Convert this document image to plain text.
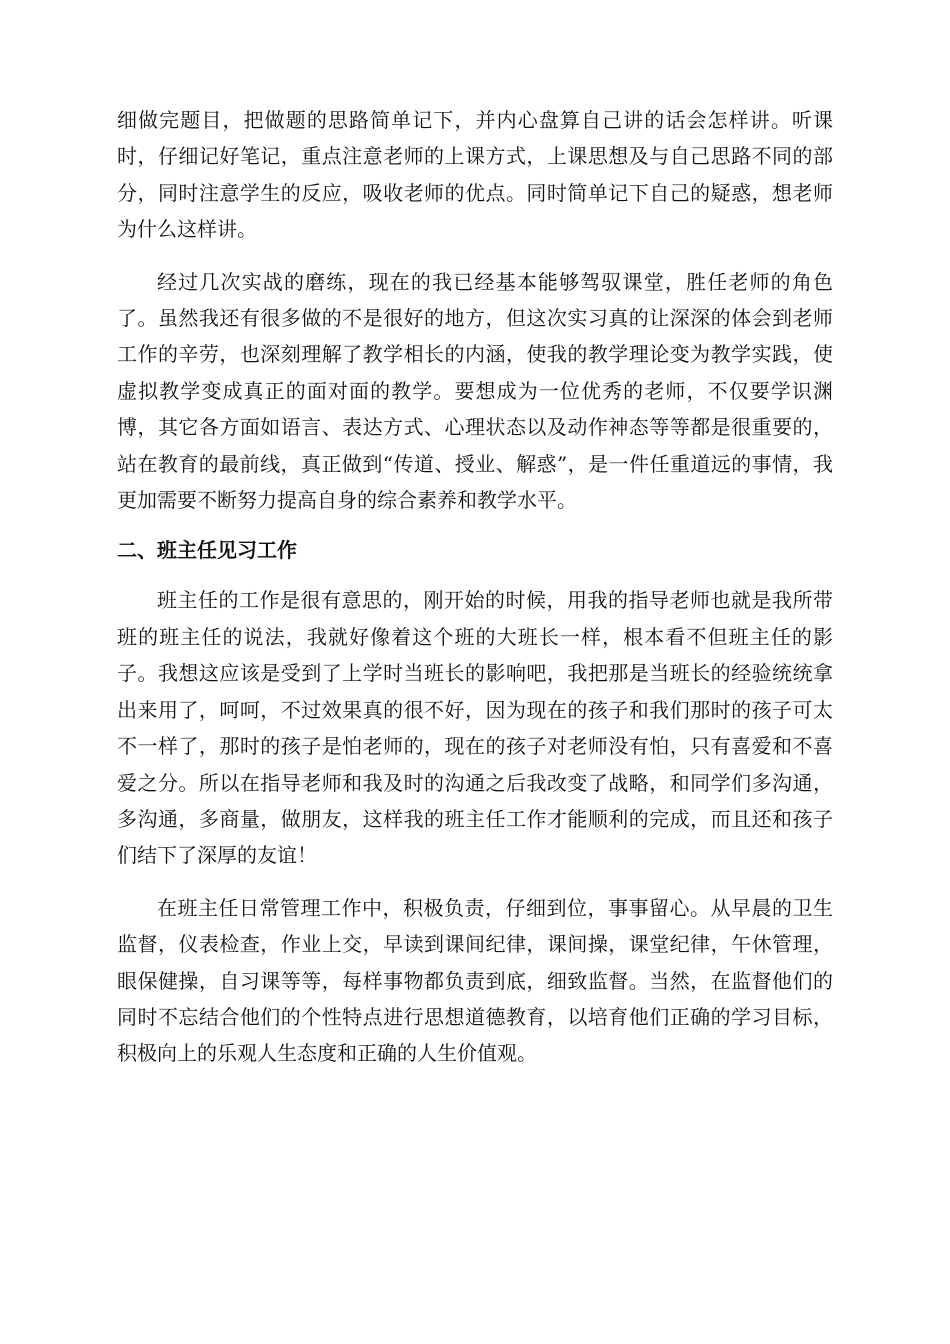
细做完题目，把做题的思路简单记下，并内心盘算自己讲的话会怎样讲。听课时，仔细记好笔记，重点注意老师的上课方式，上课思想及与自己思路不同的部分，同时注意学生的反应，吸收老师的优点。同时简单记下自己的疑惑，想老师为什么这样讲。

经过几次实战的磨练，现在的我已经基本能够驾驭课堂，胜任老师的角色了。虽然我还有很多做的不是很好的地方，但这次实习真的让深深的体会到老师工作的辛劳，也深刻理解了教学相长的内涵，使我的教学理论变为教学实践，使虚拟教学变成真正的面对面的教学。要想成为一位优秀的老师，不仅要学识渊博，其它各方面如语言、表达方式、心理状态以及动作神态等等都是很重要的，站在教育的最前线，真正做到“传道、授业、解惑”，是一件任重道远的事情，我更加需要不断努力提高自身的综合素养和教学水平。

二、班主任见习工作

班主任的工作是很有意思的，刚开始的时候，用我的指导老师也就是我所带班的班主任的说法，我就好像着这个班的大班长一样，根本看不但班主任的影子。我想这应该是受到了上学时当班长的影响吧，我把那是当班长的经验统统拿出来用了，呵呵，不过效果真的很不好，因为现在的孩子和我们那时的孩子可太不一样了，那时的孩子是怕老师的，现在的孩子对老师没有怕，只有喜爱和不喜爱之分。所以在指导老师和我及时的沟通之后我改变了战略，和同学们多沟通，多沟通，多商量，做朋友，这样我的班主任工作才能顺利的完成，而且还和孩子们结下了深厚的友谊！

在班主任日常管理工作中，积极负责，仔细到位，事事留心。从早晨的卫生监督，仪表检查，作业上交，早读到课间纪律，课间操，课堂纪律，午休管理，眼保健操，自习课等等，每样事物都负责到底，细致监督。当然，在监督他们的同时不忘结合他们的个性特点进行思想道德教育，以培育他们正确的学习目标，积极向上的乐观人生态度和正确的人生价值观。
